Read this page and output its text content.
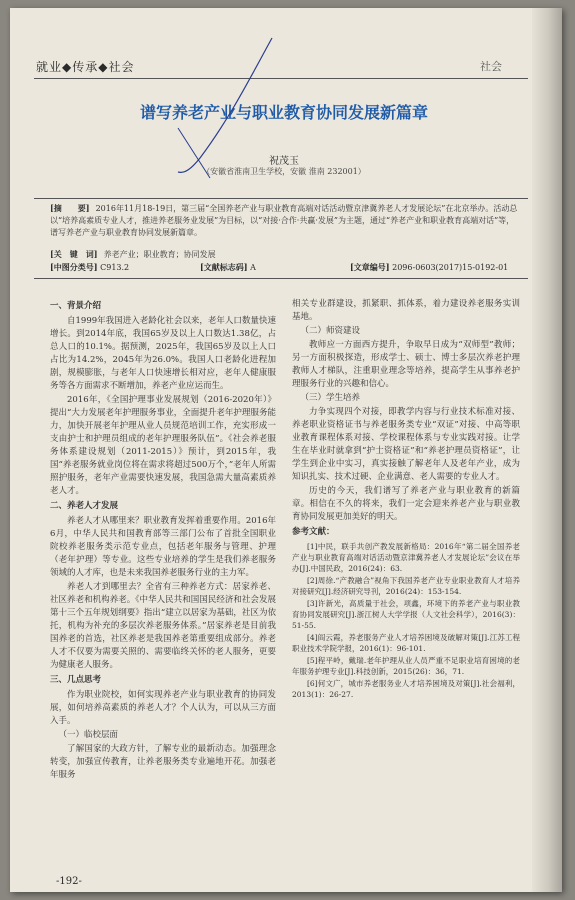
就业◆传承◆社会	社会
谱写养老产业与职业教育协同发展新篇章
祝茂玉
（安徽省淮南卫生学校，安徽 淮南 232001）
[摘　　要] 2016年11月18-19日，第三届“全国养老产业与职业教育高端对话活动暨京津冀养老人才发展论坛”在北京举办。活动总以“培养高素质专业人才，推进养老服务业发展”为目标，以“对接·合作·共赢·发展”为主题，通过“养老产业和职业教育高端对话”等，谱写养老产业与职业教育协同发展新篇章。
[关　键　词] 养老产业；职业教育；协同发展
[中图分类号] C913.2	[文献标志码] A	[文章编号] 2096-0603(2017)15-0192-01
一、背景介绍

自1999年我国进入老龄化社会以来，老年人口数量快速增长。到2014年底，我国65岁及以上人口数达1.38亿，占总人口的10.1%。据预测，2025年，我国65岁及以上人口占比为14.2%，2045年为26.0%。我国人口老龄化进程加剧，规模膨胀，与老年人口快速增长相对应，老年人健康服务等各方面需求不断增加，养老产业应运而生。

2016年，《全国护理事业发展规划（2016-2020年）》提出“大力发展老年护理服务事业，全面提升老年护理服务能力，加快开展老年护理从业人员规范培训工作，充实形成一支由护士和护理员组成的老年护理服务队伍”。《社会养老服务体系建设规划（2011-2015）》预计，到2015年，我国“养老服务就业岗位将在需求将超过500万个，”老年人所需照护服务，老年产业需要快速发展，我国急需大量高素质养老人才。

二、养老人才发展

养老人才从哪里来？职业教育发挥着重要作用。2016年6月，中华人民共和国教育部等三部门公布了首批全国职业院校养老服务类示范专业点，包括老年服务与管理、护理（老年护理）等专业。这些专业培养的学生是我们养老服务领域的人才库，也是未来我国养老服务行业的主力军。

养老人才到哪里去？全省有三种养老方式：居家养老、社区养老和机构养老。《中华人民共和国国民经济和社会发展第十三个五年规划纲要》指出“建立以居家为基础，社区为依托，机构为补充的多层次养老服务体系。”居家养老是目前我国养老的首选，社区养老是我国养老第重要组成部分。养老人才不仅要为需要关照的、需要临终关怀的老人服务，更要为健康老人服务。

三、几点思考

作为职业院校，如何实现养老产业与职业教育的协同发展，如何培养高素质的养老人才？个人认为，可以从三方面入手。

（一）临校层面

了解国家的大政方针，了解专业的最新动态。加强理念转变，加强宣传教育，让养老服务类专业遍地开花。加强老年服务

相关专业群建设，抓紧职、抓体系，着力建设养老服务实训基地。

（二）师资建设

教师应一方面西方提升，争取早日成为“双师型”教师；另一方面积极探造，形成学士、硕士、博士多层次养老护理教师人才梯队，注重职业理念等培养，提高学生从事养老护理服务行业的兴趣和信心。

（三）学生培养

力争实现四个对接，即教学内容与行业技术标准对接、养老职业资格证书与养老服务类专业“双证”对接、中高等职业教育课程体系对接、学校课程体系与专业实践对接。让学生在毕业时就拿到“护士资格证”和“养老护理员资格证”，让学生到企业中实习，真实接触了解老年人及老年产业，成为知识扎实、技术过硬、企业满意、老人需要的专业人才。

历史的今天，我们谱写了养老产业与职业教育的新篇章。相信在不久的将来，我们一定会迎来养老产业与职业教育协同发展更加美好的明天。

参考文献：

[1]中民，联手共创产教发展新格局：2016年“第二届全国养老产业与职业教育高端对话活动暨京津冀养老人才发展论坛”会议在举办[J].中国民政，2016(24)：63.

[2]周徐.“产教融合”视角下我国养老产业专业职业教育人才培养对接研究[J].经济研究导刊，2016(24)：153-154.

[3]许新光，高质量于社会，项鑫，环境下的养老产业与职业教育协同发展研究[J].浙江树人大学学报（人文社会科学），2016(3)：51-55.

[4]阎云霞，养老服务产业人才培养困境及破解对策[J].江苏工程职业技术学院学报，2016(1)：96-101.

[5]程平岭，戴瑞.老年护理从业人员严重不足职业培育困境的老年服务护理专业[J].科技创新，2015(26)：36，71.

[6]何文广，城市养老服务业人才培养困境及对策[J].社会福利，2013(1)：26-27.

-192-
